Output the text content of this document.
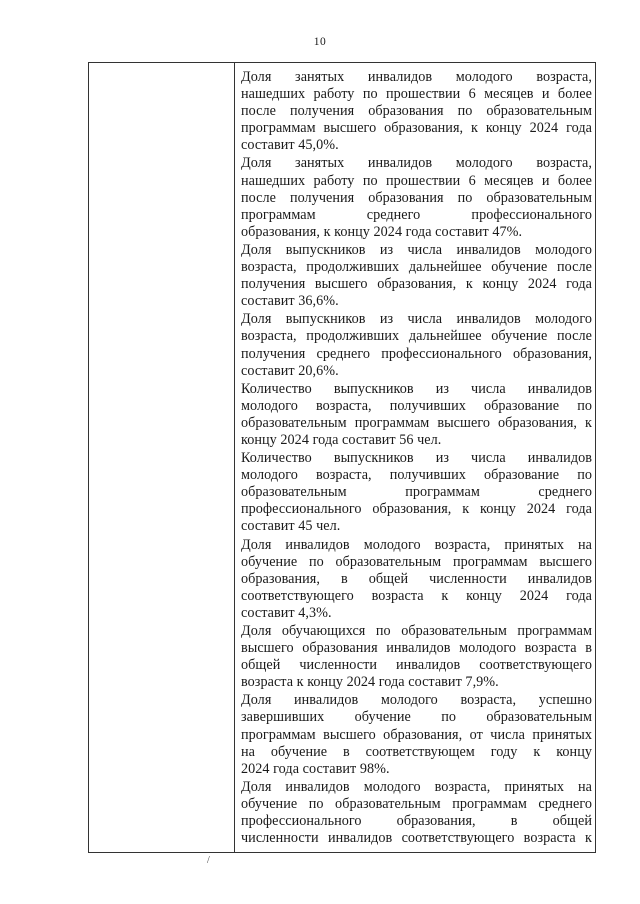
10

Доля занятых инвалидов молодого возраста,
нашедших работу по прошествии 6 месяцев и более
после получения образования по образовательным
программам высшего образования, к концу 2024 года
составит 45,0%.

Доля занятых инвалидов молодого возраста,
нашедших работу по прошествии 6 месяцев и более
после получения образования по образовательным
программам среднего профессионального
образования, к концу 2024 года составит 47%.

Доля выпускников из числа инвалидов молодого
возраста, продолживших дальнейшее обучение после
получения высшего образования, к концу 2024 года
составит 36,6%.

Доля выпускников из числа инвалидов молодого
возраста, продолживших дальнейшее обучение после
получения среднего профессионального образования,
составит 20,6%.

Количество выпускников из числа инвалидов
молодого возраста, получивших образование по
образовательным программам высшего образования, к
концу 2024 года составит 56 чел.

Количество выпускников из числа инвалидов
молодого возраста, получивших образование по
образовательным программам среднего
профессионального образования, к концу 2024 года
составит 45 чел.

Доля инвалидов молодого возраста, принятых на
обучение по образовательным программам высшего
образования, в общей численности инвалидов
соответствующего возраста к концу 2024 года
составит 4,3%.

Доля обучающихся по образовательным программам
высшего образования инвалидов молодого возраста в
общей численности инвалидов соответствующего
возраста к концу 2024 года составит 7,9%.

Доля инвалидов молодого возраста, успешно
завершивших обучение по образовательным
программам высшего образования, от числа принятых
на обучение в соответствующем году к концу
2024 года составит 98%.

Доля инвалидов молодого возраста, принятых на
обучение по образовательным программам среднего
профессионального образования, в общей
численности инвалидов соответствующего возраста к

/
